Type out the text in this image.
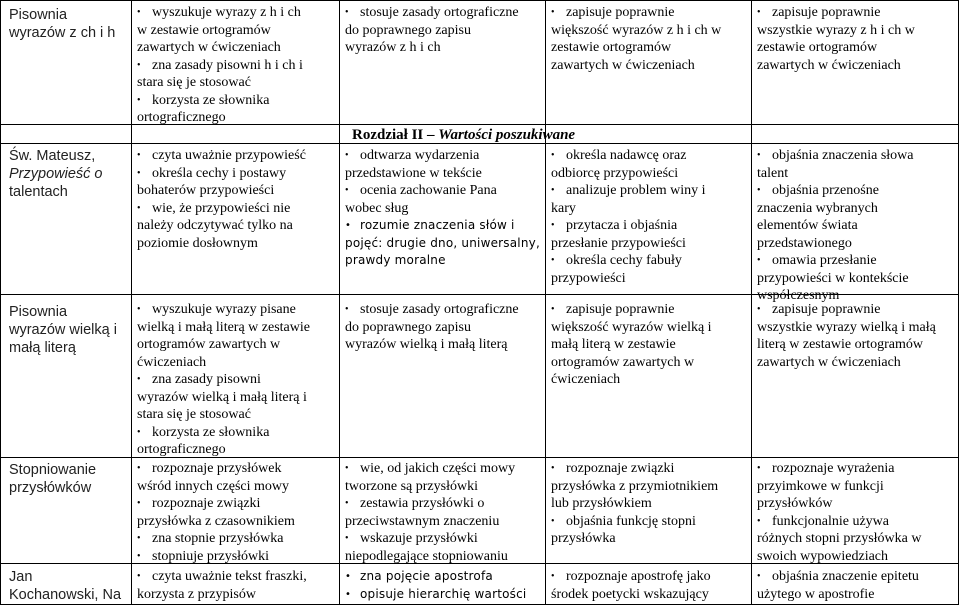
Rozdział II – Wartości poszukiwane
Pisownia
wyrazów z ch i h
Św. Mateusz,
Przypowieść o
talentach
Pisownia
wyrazów wielką i
małą literą
Stopniowanie
przysłówków
Jan
Kochanowski, Na
• wyszukuje wyrazy z h i ch
w zestawie ortogramów
zawartych w ćwiczeniach
• zna zasady pisowni h i ch i
stara się je stosować
• korzysta ze słownika
ortograficznego
• stosuje zasady ortograficzne
do poprawnego zapisu
wyrazów z h i ch
• zapisuje poprawnie
większość wyrazów z h i ch w
zestawie ortogramów
zawartych w ćwiczeniach
• zapisuje poprawnie
wszystkie wyrazy z h i ch w
zestawie ortogramów
zawartych w ćwiczeniach
• czyta uważnie przypowieść
• określa cechy i postawy
bohaterów przypowieści
• wie, że przypowieści nie
należy odczytywać tylko na
poziomie dosłownym
• odtwarza wydarzenia
przedstawione w tekście
• ocenia zachowanie Pana
wobec sług
• rozumie znaczenia słów i
pojęć: drugie dno, uniwersalny,
prawdy moralne
• określa nadawcę oraz
odbiorcę przypowieści
• analizuje problem winy i
kary
• przytacza i objaśnia
przesłanie przypowieści
• określa cechy fabuły
przypowieści
• objaśnia znaczenia słowa
talent
• objaśnia przenośne
znaczenia wybranych
elementów świata
przedstawionego
• omawia przesłanie
przypowieści w kontekście
współczesnym
• wyszukuje wyrazy pisane
wielką i małą literą w zestawie
ortogramów zawartych w
ćwiczeniach
• zna zasady pisowni
wyrazów wielką i małą literą i
stara się je stosować
• korzysta ze słownika
ortograficznego
• stosuje zasady ortograficzne
do poprawnego zapisu
wyrazów wielką i małą literą
• zapisuje poprawnie
większość wyrazów wielką i
małą literą w zestawie
ortogramów zawartych w
ćwiczeniach
• zapisuje poprawnie
wszystkie wyrazy wielką i małą
literą w zestawie ortogramów
zawartych w ćwiczeniach
• rozpoznaje przysłówek
wśród innych części mowy
• rozpoznaje związki
przysłówka z czasownikiem
• zna stopnie przysłówka
• stopniuje przysłówki
• wie, od jakich części mowy
tworzone są przysłówki
• zestawia przysłówki o
przeciwstawnym znaczeniu
• wskazuje przysłówki
niepodlegające stopniowaniu
• rozpoznaje związki
przysłówka z przymiotnikiem
lub przysłówkiem
• objaśnia funkcję stopni
przysłówka
• rozpoznaje wyrażenia
przyimkowe w funkcji
przysłówków
• funkcjonalnie używa
różnych stopni przysłówka w
swoich wypowiedziach
• czyta uważnie tekst fraszki,
korzysta z przypisów
• zna pojęcie apostrofa
• opisuje hierarchię wartości
• rozpoznaje apostrofę jako
środek poetycki wskazujący
• objaśnia znaczenie epitetu
użytego w apostrofie
